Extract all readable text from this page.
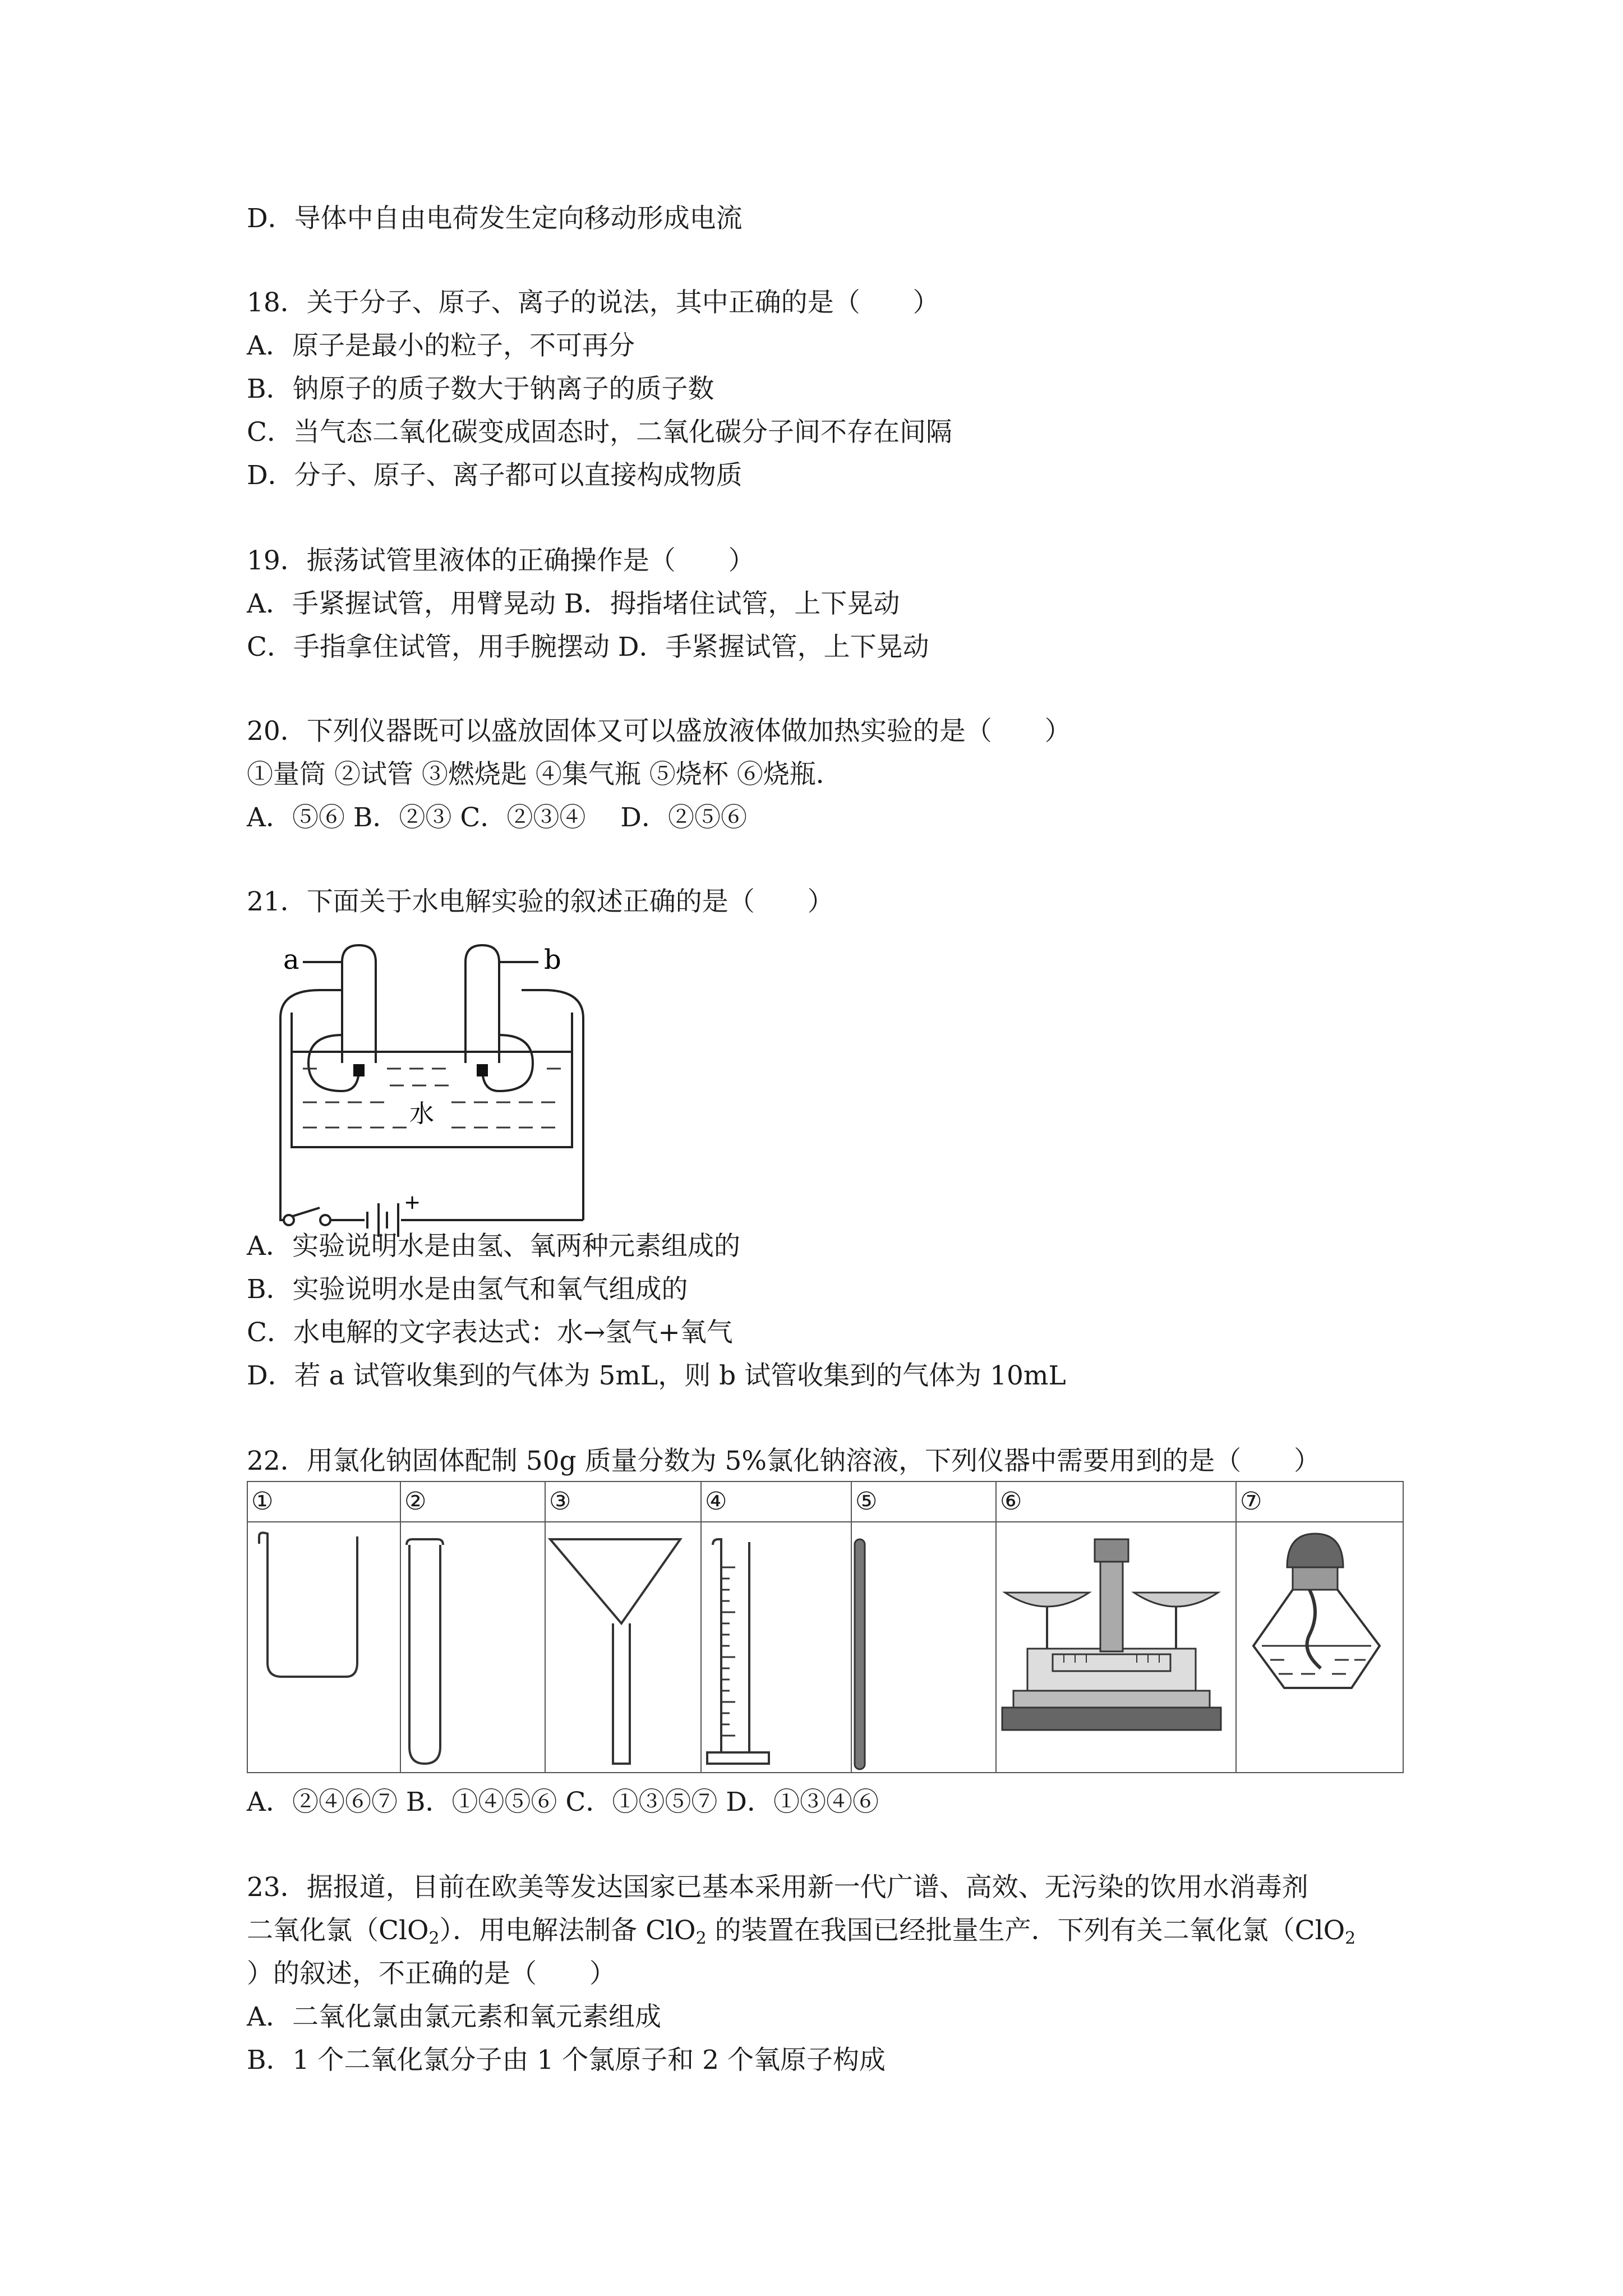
D．导体中自由电荷发生定向移动形成电流
18．关于分子、原子、离子的说法，其中正确的是（　　）
A．原子是最小的粒子，不可再分
B．钠原子的质子数大于钠离子的质子数
C．当气态二氧化碳变成固态时，二氧化碳分子间不存在间隔
D．分子、原子、离子都可以直接构成物质
19．振荡试管里液体的正确操作是（　　）
A．手紧握试管，用臂晃动 B．拇指堵住试管，上下晃动
C．手指拿住试管，用手腕摆动 D．手紧握试管，上下晃动
20．下列仪器既可以盛放固体又可以盛放液体做加热实验的是（　　）
①量筒 ②试管 ③燃烧匙 ④集气瓶 ⑤烧杯 ⑥烧瓶．
A．⑤⑥ B．②③ C．②③④　 D．②⑤⑥
21．下面关于水电解实验的叙述正确的是（　　）
a	b
水
+
A．实验说明水是由氢、氧两种元素组成的
B．实验说明水是由氢气和氧气组成的
C．水电解的文字表达式：水→氢气+氧气
D．若 a 试管收集到的气体为 5mL，则 b 试管收集到的气体为 10mL
22．用氯化钠固体配制 50g 质量分数为 5%氯化钠溶液，下列仪器中需要用到的是（　　）
①	②	③	④	⑤	⑥	⑦

A．②④⑥⑦ B．①④⑤⑥ C．①③⑤⑦ D．①③④⑥
23．据报道，目前在欧美等发达国家已基本采用新一代广谱、高效、无污染的饮用水消毒剂
二氧化氯（ClO$_2$）．用电解法制备 ClO$_2$ 的装置在我国已经批量生产．下列有关二氧化氯（ClO$_2$
）的叙述，不正确的是（　　）
A．二氧化氯由氯元素和氧元素组成
B．1 个二氧化氯分子由 1 个氯原子和 2 个氧原子构成
